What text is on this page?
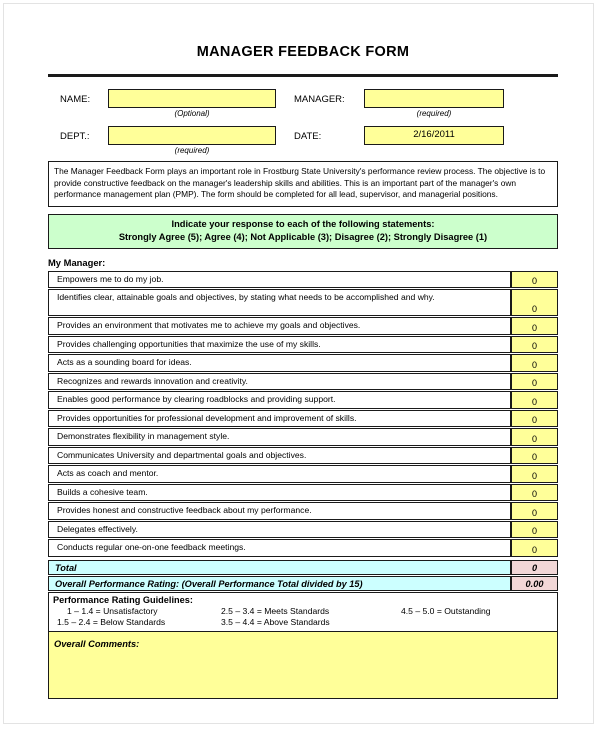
MANAGER FEEDBACK FORM
NAME:
(Optional)
MANAGER:
(required)
DEPT.:
(required)
DATE:	2/16/2011
The Manager Feedback Form plays an important role in Frostburg State University's performance review process. The objective is to provide constructive feedback on the manager's leadership skills and abilities. This is an important part of the manager's own performance management plan (PMP). The form should be completed for all lead, supervisor, and managerial positions.
Indicate your response to each of the following statements:
Strongly Agree (5); Agree (4); Not Applicable (3); Disagree (2); Strongly Disagree (1)
My Manager:
Empowers me to do my job.	0
Identifies clear, attainable goals and objectives, by stating what needs to be accomplished and why.	0
Provides an environment that motivates me to achieve my goals and objectives.	0
Provides challenging opportunities that maximize the use of my skills.	0
Acts as a sounding board for ideas.	0
Recognizes and rewards innovation and creativity.	0
Enables good performance by clearing roadblocks and providing support.	0
Provides opportunities for professional development and improvement of skills.	0
Demonstrates flexibility in management style.	0
Communicates University and departmental goals and objectives.	0
Acts as coach and mentor.	0
Builds a cohesive team.	0
Provides honest and constructive feedback about my performance.	0
Delegates effectively.	0
Conducts regular one-on-one feedback meetings.	0
Total	0
Overall Performance Rating: (Overall Performance Total divided by 15)	0.00
Performance Rating Guidelines:
1 – 1.4 = Unsatisfactory	2.5 – 3.4 = Meets Standards	4.5 – 5.0 = Outstanding
1.5 – 2.4 = Below Standards	3.5 – 4.4 = Above Standards
Overall Comments:
